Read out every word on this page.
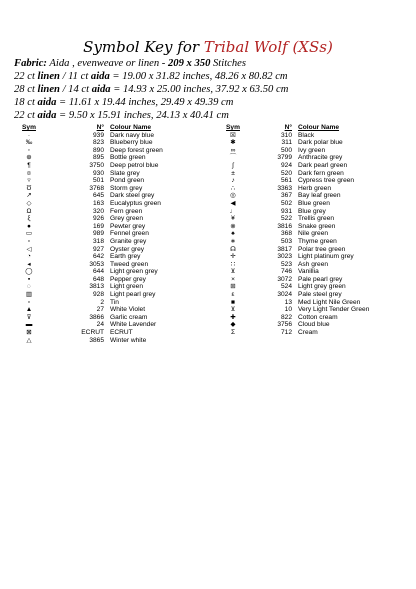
Symbol Key for Tribal Wolf (XSs)
Fabric: Aida , evenweave or linen - 209 x 350 Stitches
22 ct linen / 11 ct aida = 19.00 x 31.82 inches, 48.26 x 80.82 cm
28 ct linen / 14 ct aida = 14.93 x 25.00 inches, 37.92 x 63.50 cm
18 ct aida = 11.61 x 19.44 inches, 29.49 x 49.39 cm
22 ct aida = 9.50 x 15.91 inches, 24.13 x 40.41 cm
Sym	N° Colour Name
·	939 Dark navy blue
‰	823 Blueberry blue
◦	890 Deep forest green
⊕	895 Bottle green
¶	3750 Deep petrol blue
¤	930 Slate grey
▿	501 Pond green
Ʊ	3768 Storm grey
↗	645 Dark steel grey
◇	163 Eucalyptus green
Ω	320 Fern green
ξ	926 Grey green
●	169 Pewter grey
▭	989 Fennel green
▫	318 Granite grey
◁	927 Oyster grey
◔	642 Earth grey
◂	3053 Tweed green
◯	644 Light green grey
▪	648 Pepper grey
◌	3813 Light green
▥	928 Light pearl grey
▫	2 Tin
▲	27 White Violet
⊽	3866 Garlic cream
▬	24 White Lavender
⊠	ECRUT ECRUT
△	3865 Winter white
Sym	N° Colour Name
☒	310 Black
✱	311 Dark polar blue
∞	500 Ivy green
⌒	3799 Anthracite grey
ʃ	924 Dark pearl green
±	520 Dark fern green
♪	561 Cypress tree green
∴	3363 Herb green
◎	367 Bay leaf green
◀	502 Blue green
♩	931 Blue grey
¥	522 Trellis green
⊗	3816 Snake green
♠	368 Nile green
∗	503 Thyme green
☊	3817 Polar tree green
✛	3023 Light platinum grey
∷	523 Ash green
⊻	746 Vanillia
×	3072 Pale pearl grey
⊞	524 Light grey green
ε	3024 Pale steel grey
■	13 Med Light Nile Green
⊻	10 Very Light Tender Green
✚	822 Cotton cream
◆	3756 Cloud blue
Σ	712 Cream
